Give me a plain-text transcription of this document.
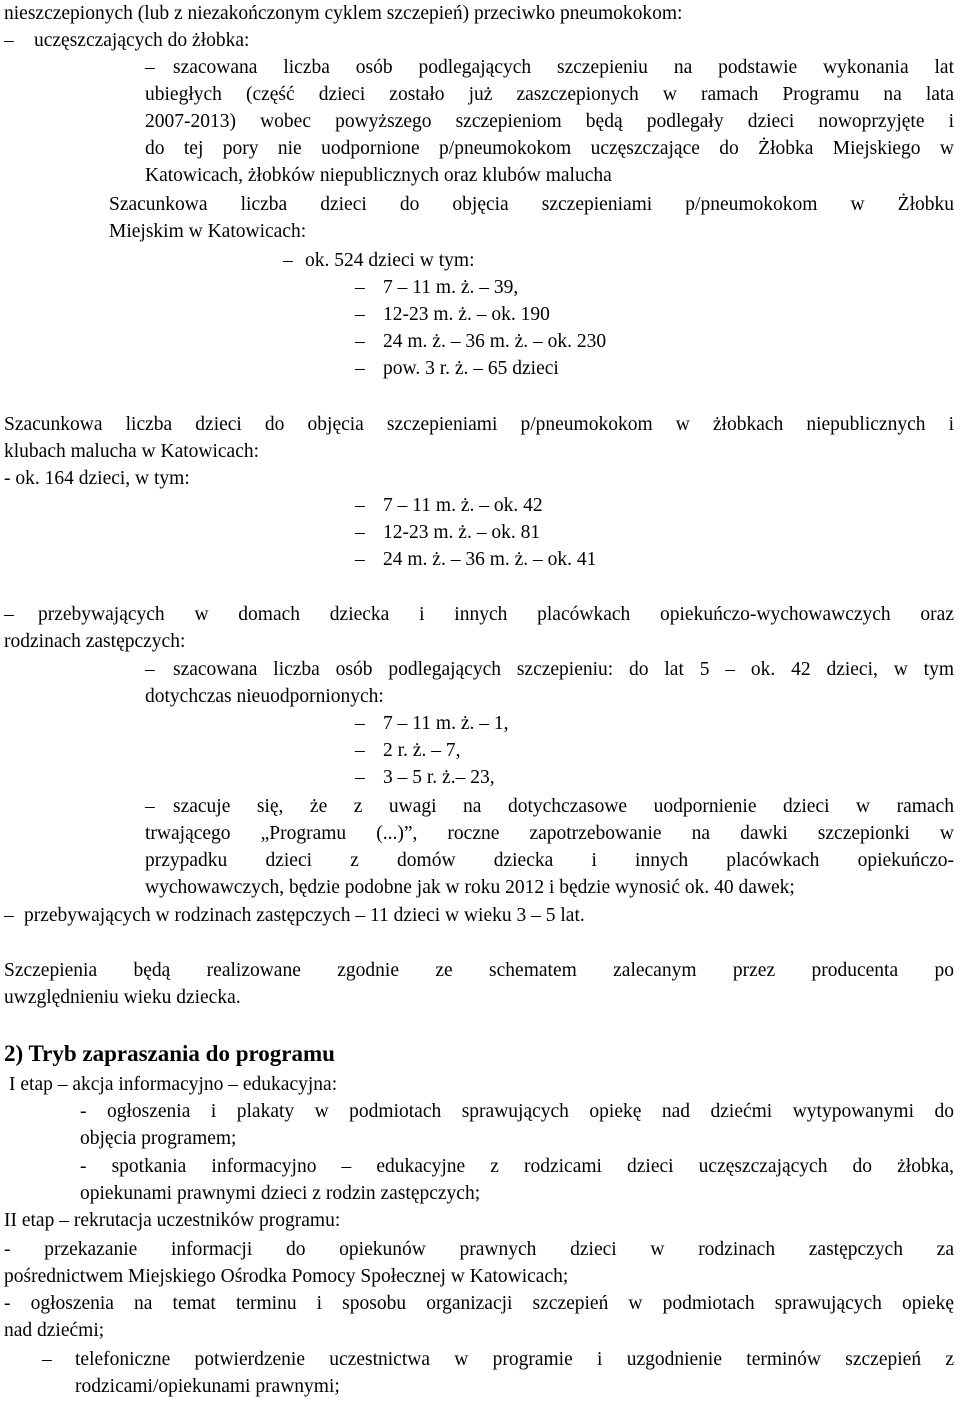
nieszczepionych (lub z niezakończonym cyklem szczepień) przeciwko pneumokokom:
– uczęszczających do żłobka:
– szacowana liczba osób podlegających szczepieniu na podstawie wykonania lat
ubiegłych (część dzieci zostało już zaszczepionych w ramach Programu na lata
2007-2013) wobec powyższego szczepieniom będą podlegały dzieci nowoprzyjęte i
do tej pory nie uodpornione p/pneumokokom uczęszczające do Żłobka Miejskiego w
Katowicach, żłobków niepublicznych oraz klubów malucha
Szacunkowa liczba dzieci do objęcia szczepieniami p/pneumokokom w Żłobku
Miejskim w Katowicach:
– ok. 524 dzieci w tym:
– 7 – 11 m. ż. – 39,
– 12-23 m. ż. – ok. 190
– 24 m. ż. – 36 m. ż. – ok. 230
– pow. 3 r. ż. – 65 dzieci
Szacunkowa liczba dzieci do objęcia szczepieniami p/pneumokokom w żłobkach niepublicznych i
klubach malucha w Katowicach:
- ok. 164 dzieci, w tym:
– 7 – 11 m. ż. – ok. 42
– 12-23 m. ż. – ok. 81
– 24 m. ż. – 36 m. ż. – ok. 41
– przebywających w domach dziecka i innych placówkach opiekuńczo-wychowawczych oraz
rodzinach zastępczych:
– szacowana liczba osób podlegających szczepieniu: do lat 5 – ok. 42 dzieci, w tym
dotychczas nieuodpornionych:
– 7 – 11 m. ż. – 1,
– 2 r. ż. – 7,
– 3 – 5 r. ż.– 23,
– szacuje się, że z uwagi na dotychczasowe uodpornienie dzieci w ramach
trwającego „Programu (...)”, roczne zapotrzebowanie na dawki szczepionki w
przypadku dzieci z domów dziecka i innych placówkach opiekuńczo-
wychowawczych, będzie podobne jak w roku 2012 i będzie wynosić ok. 40 dawek;
– przebywających w rodzinach zastępczych – 11 dzieci w wieku 3 – 5 lat.
Szczepienia będą realizowane zgodnie ze schematem zalecanym przez producenta po
uwzględnieniu wieku dziecka.
2) Tryb zapraszania do programu
I etap – akcja informacyjno – edukacyjna:
- ogłoszenia i plakaty w podmiotach sprawujących opiekę nad dziećmi wytypowanymi do
objęcia programem;
- spotkania informacyjno – edukacyjne z rodzicami dzieci uczęszczających do żłobka,
opiekunami prawnymi dzieci z rodzin zastępczych;
II etap – rekrutacja uczestników programu:
- przekazanie informacji do opiekunów prawnych dzieci w rodzinach zastępczych za
pośrednictwem Miejskiego Ośrodka Pomocy Społecznej w Katowicach;
- ogłoszenia na temat terminu i sposobu organizacji szczepień w podmiotach sprawujących opiekę
nad dziećmi;
– telefoniczne potwierdzenie uczestnictwa w programie i uzgodnienie terminów szczepień z
rodzicami/opiekunami prawnymi;
